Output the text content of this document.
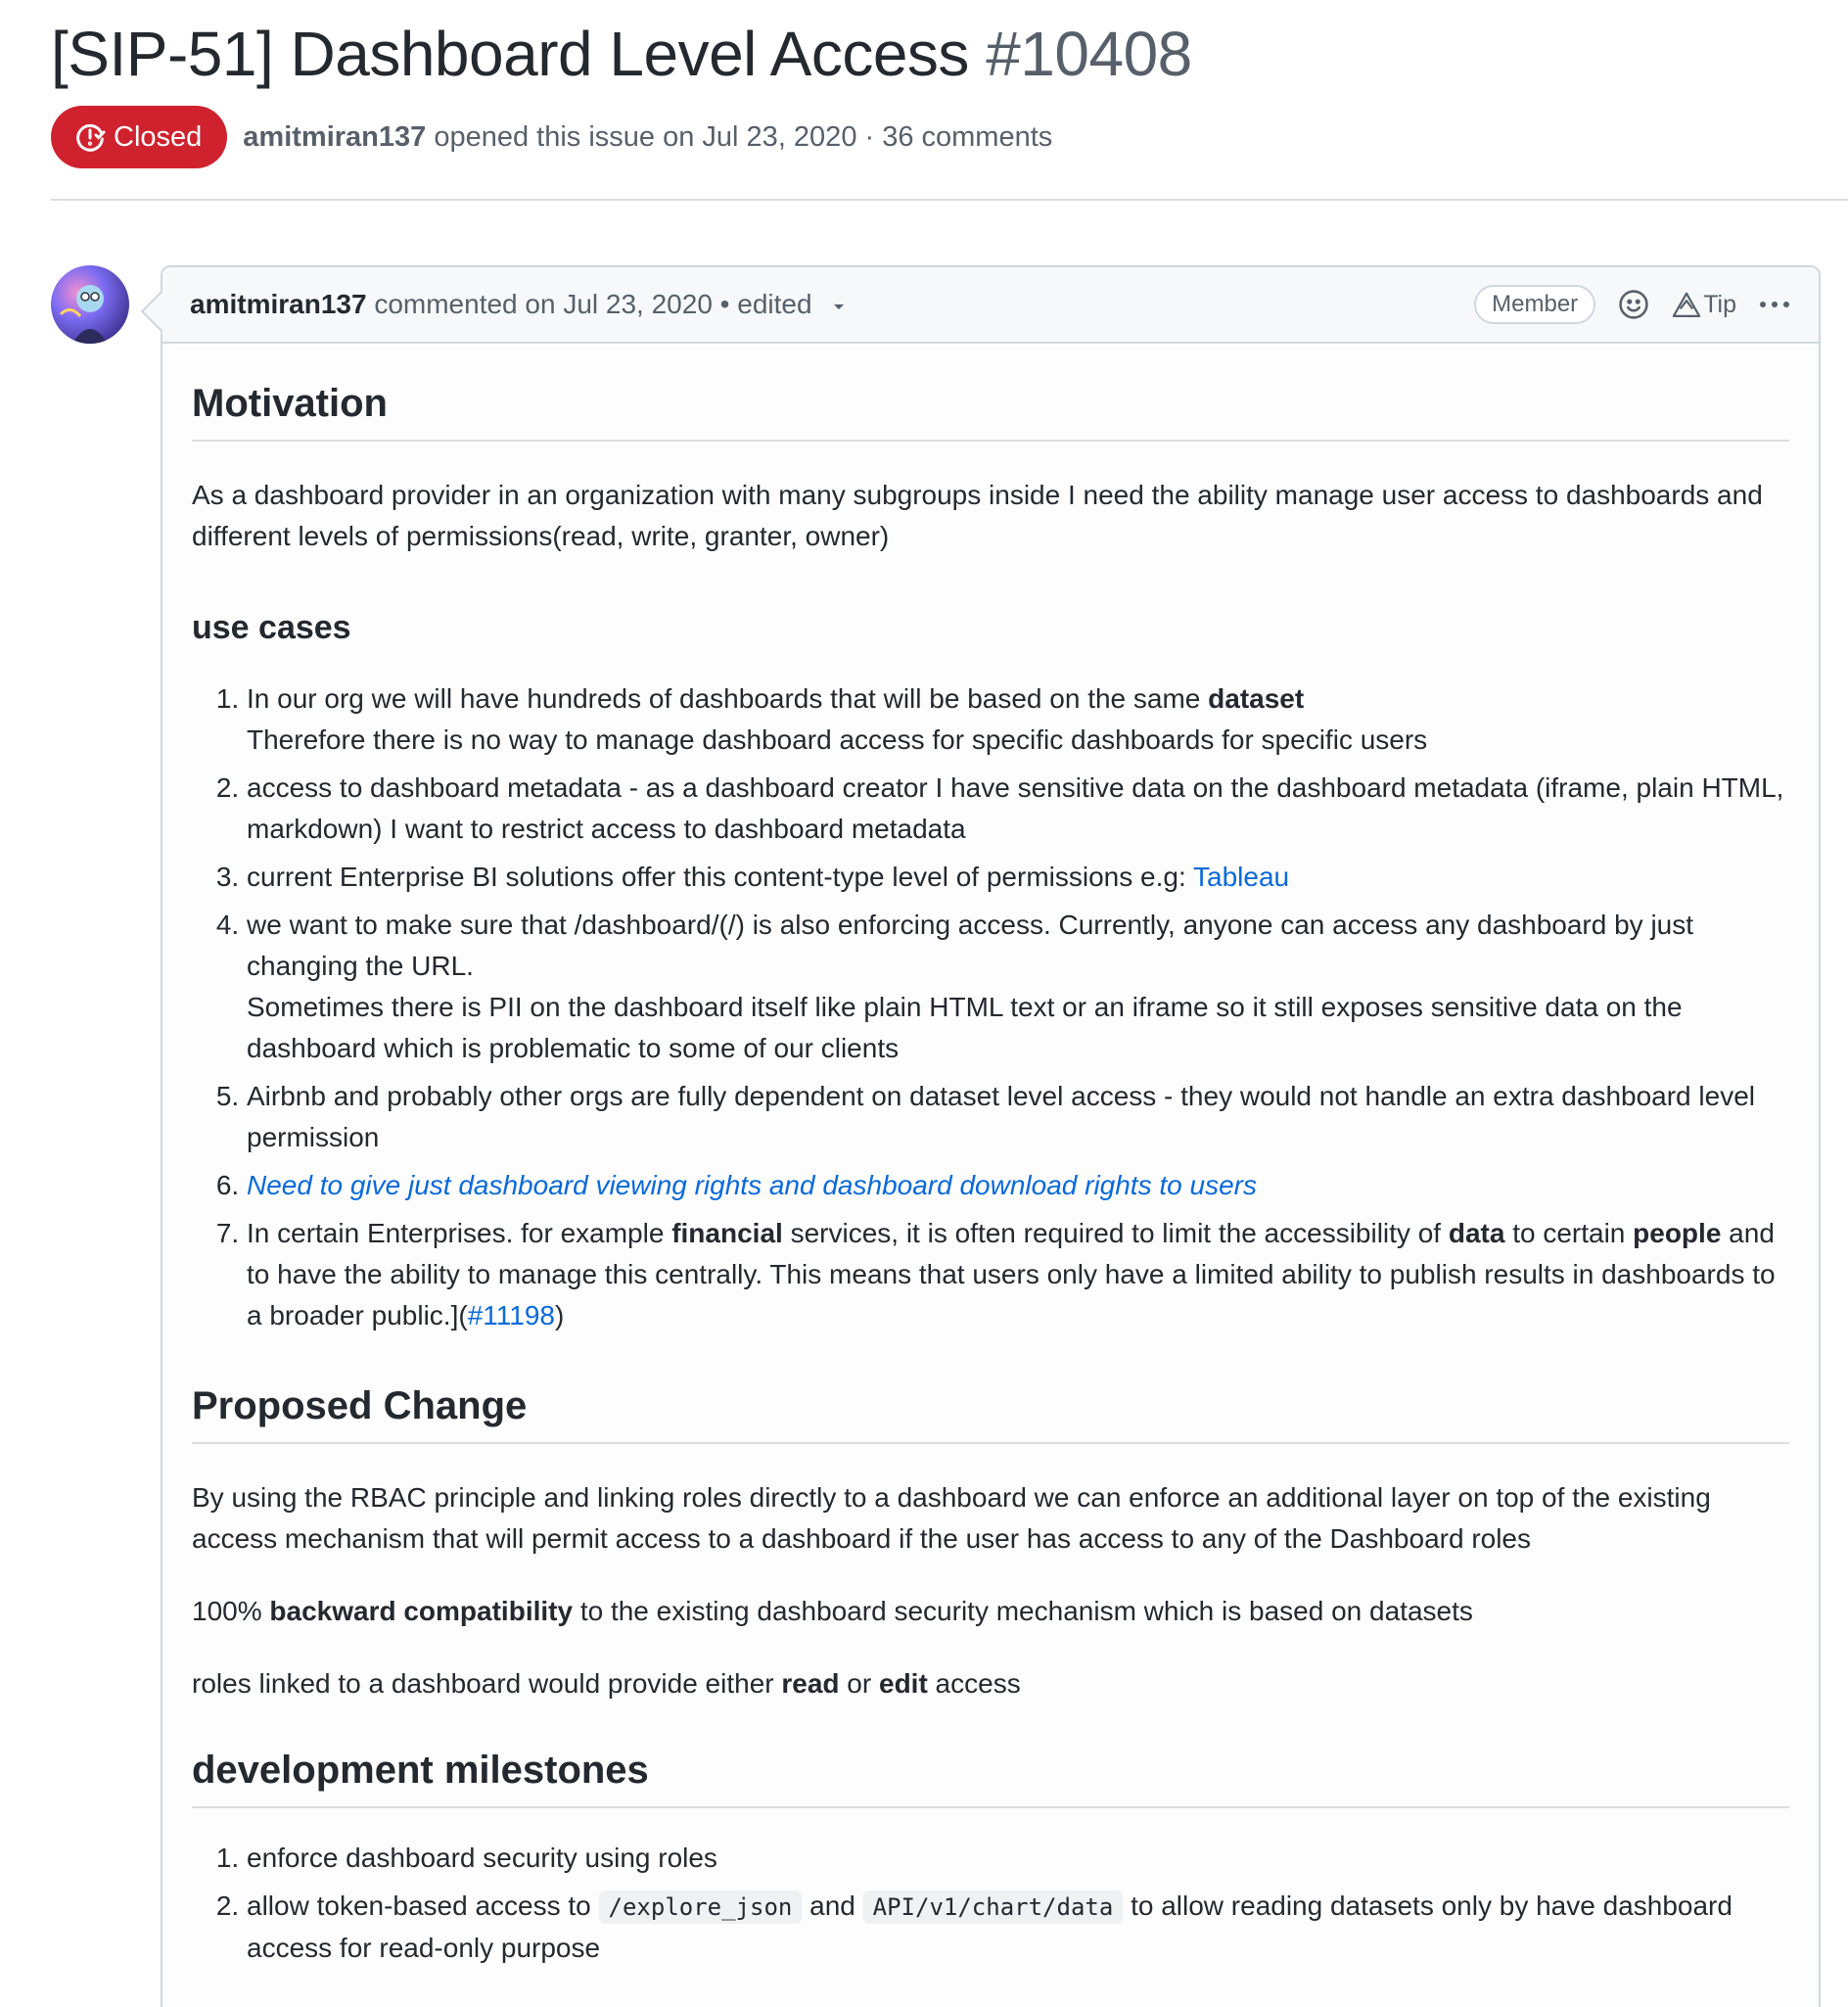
[SIP-51] Dashboard Level Access #10408
Closed amitmiran137 opened this issue on Jul 23, 2020 · 36 comments
amitmiran137 commented on Jul 23, 2020 • edited	Member	Tip
Motivation

As a dashboard provider in an organization with many subgroups inside I need the ability manage user access to dashboards and different levels of permissions(read, write, granter, owner)

use cases
1. In our org we will have hundreds of dashboards that will be based on the same dataset
Therefore there is no way to manage dashboard access for specific dashboards for specific users
2. access to dashboard metadata - as a dashboard creator I have sensitive data on the dashboard metadata (iframe, plain HTML, markdown) I want to restrict access to dashboard metadata
3. current Enterprise BI solutions offer this content-type level of permissions e.g: Tableau
4. we want to make sure that /dashboard/(/) is also enforcing access. Currently, anyone can access any dashboard by just changing the URL.
Sometimes there is PII on the dashboard itself like plain HTML text or an iframe so it still exposes sensitive data on the dashboard which is problematic to some of our clients
5. Airbnb and probably other orgs are fully dependent on dataset level access - they would not handle an extra dashboard level permission
6. Need to give just dashboard viewing rights and dashboard download rights to users
7. In certain Enterprises. for example financial services, it is often required to limit the accessibility of data to certain people and to have the ability to manage this centrally. This means that users only have a limited ability to publish results in dashboards to a broader public.](#11198)
Proposed Change

By using the RBAC principle and linking roles directly to a dashboard we can enforce an additional layer on top of the existing access mechanism that will permit access to a dashboard if the user has access to any of the Dashboard roles

100% backward compatibility to the existing dashboard security mechanism which is based on datasets

roles linked to a dashboard would provide either read or edit access

development milestones
1. enforce dashboard security using roles
2. allow token-based access to /explore_json and API/v1/chart/data to allow reading datasets only by have dashboard access for read-only purpose
